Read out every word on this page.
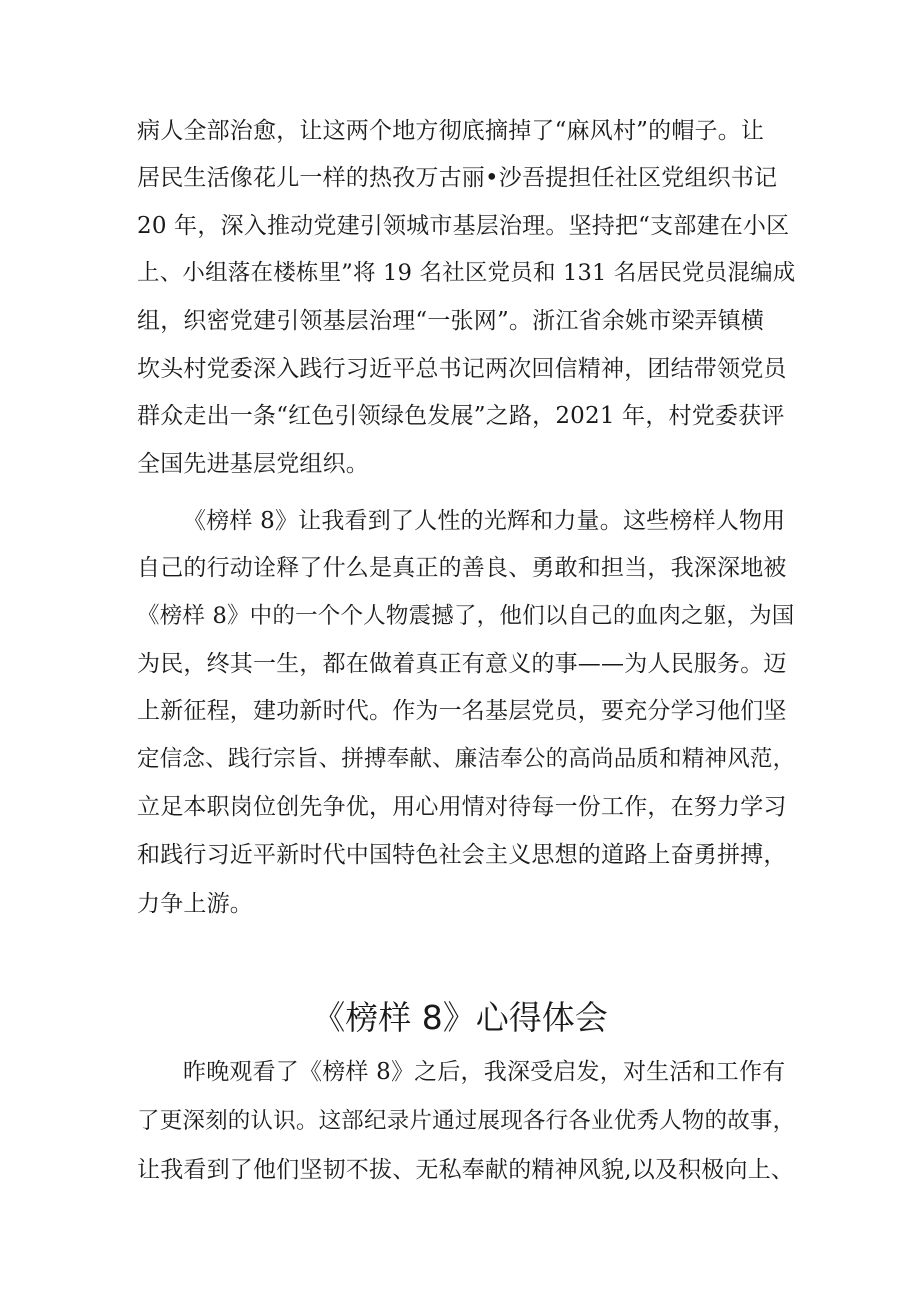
病人全部治愈，让这两个地方彻底摘掉了“麻风村”的帽子。让
居民生活像花儿一样的热孜万古丽•沙吾提担任社区党组织书记
20 年，深入推动党建引领城市基层治理。坚持把“支部建在小区
上、小组落在楼栋里”将 19 名社区党员和 131 名居民党员混编成
组，织密党建引领基层治理“一张网”。浙江省余姚市梁弄镇横
坎头村党委深入践行习近平总书记两次回信精神，团结带领党员
群众走出一条“红色引领绿色发展”之路，2021 年，村党委获评
全国先进基层党组织。
《榜样 8》让我看到了人性的光辉和力量。这些榜样人物用
自己的行动诠释了什么是真正的善良、勇敢和担当，我深深地被
《榜样 8》中的一个个人物震撼了，他们以自己的血肉之躯，为国
为民，终其一生，都在做着真正有意义的事——为人民服务。迈
上新征程，建功新时代。作为一名基层党员，要充分学习他们坚
定信念、践行宗旨、拼搏奉献、廉洁奉公的高尚品质和精神风范，
立足本职岗位创先争优，用心用情对待每一份工作，在努力学习
和践行习近平新时代中国特色社会主义思想的道路上奋勇拼搏，
力争上游。
《榜样 8》心得体会
昨晚观看了《榜样 8》之后，我深受启发，对生活和工作有
了更深刻的认识。这部纪录片通过展现各行各业优秀人物的故事，
让我看到了他们坚韧不拔、无私奉献的精神风貌,以及积极向上、
